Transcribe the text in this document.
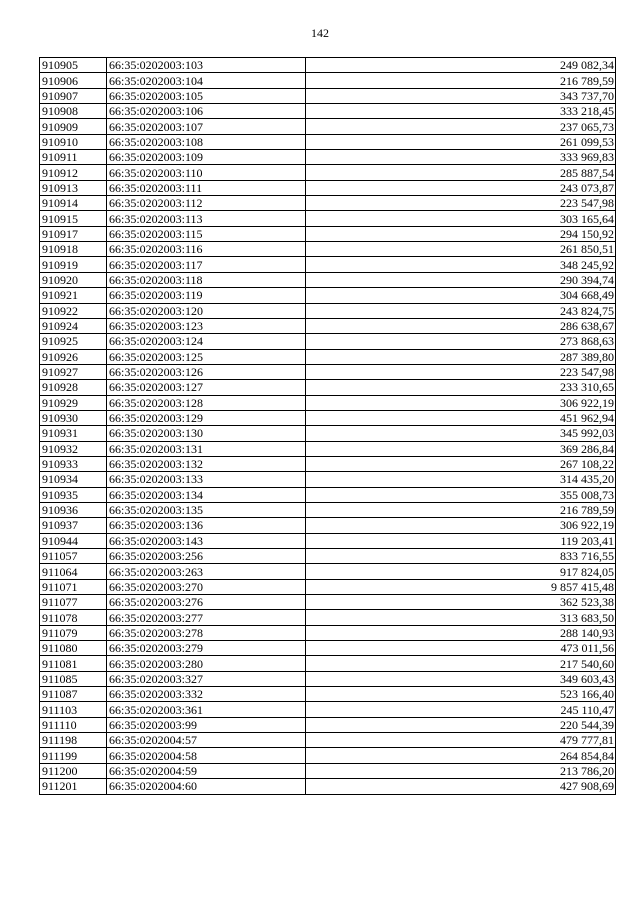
142
910905	66:35:0202003:103	249 082,34
910906	66:35:0202003:104	216 789,59
910907	66:35:0202003:105	343 737,70
910908	66:35:0202003:106	333 218,45
910909	66:35:0202003:107	237 065,73
910910	66:35:0202003:108	261 099,53
910911	66:35:0202003:109	333 969,83
910912	66:35:0202003:110	285 887,54
910913	66:35:0202003:111	243 073,87
910914	66:35:0202003:112	223 547,98
910915	66:35:0202003:113	303 165,64
910917	66:35:0202003:115	294 150,92
910918	66:35:0202003:116	261 850,51
910919	66:35:0202003:117	348 245,92
910920	66:35:0202003:118	290 394,74
910921	66:35:0202003:119	304 668,49
910922	66:35:0202003:120	243 824,75
910924	66:35:0202003:123	286 638,67
910925	66:35:0202003:124	273 868,63
910926	66:35:0202003:125	287 389,80
910927	66:35:0202003:126	223 547,98
910928	66:35:0202003:127	233 310,65
910929	66:35:0202003:128	306 922,19
910930	66:35:0202003:129	451 962,94
910931	66:35:0202003:130	345 992,03
910932	66:35:0202003:131	369 286,84
910933	66:35:0202003:132	267 108,22
910934	66:35:0202003:133	314 435,20
910935	66:35:0202003:134	355 008,73
910936	66:35:0202003:135	216 789,59
910937	66:35:0202003:136	306 922,19
910944	66:35:0202003:143	119 203,41
911057	66:35:0202003:256	833 716,55
911064	66:35:0202003:263	917 824,05
911071	66:35:0202003:270	9 857 415,48
911077	66:35:0202003:276	362 523,38
911078	66:35:0202003:277	313 683,50
911079	66:35:0202003:278	288 140,93
911080	66:35:0202003:279	473 011,56
911081	66:35:0202003:280	217 540,60
911085	66:35:0202003:327	349 603,43
911087	66:35:0202003:332	523 166,40
911103	66:35:0202003:361	245 110,47
911110	66:35:0202003:99	220 544,39
911198	66:35:0202004:57	479 777,81
911199	66:35:0202004:58	264 854,84
911200	66:35:0202004:59	213 786,20
911201	66:35:0202004:60	427 908,69
